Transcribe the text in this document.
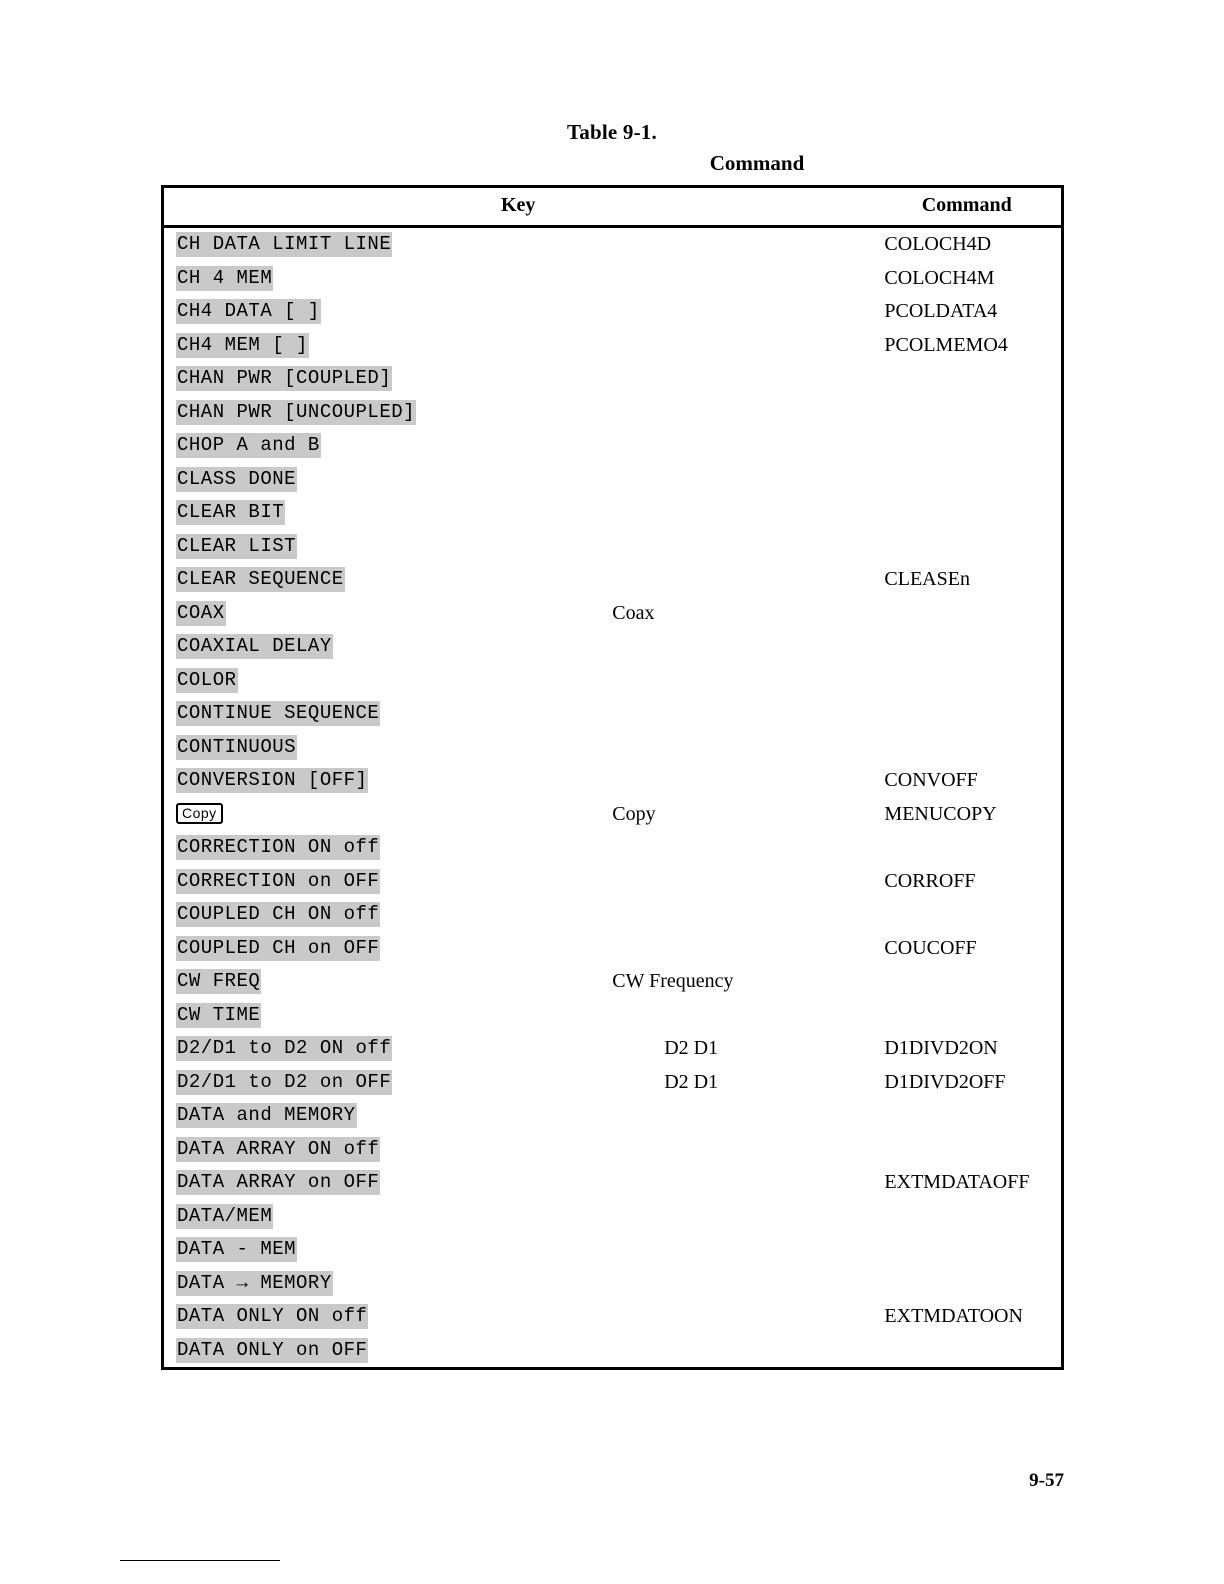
Table 9-1.
Command
Key		Command
CH DATA LIMIT LINE		COLOCH4D
CH 4 MEM		COLOCH4M
CH4 DATA [ ]		PCOLDATA4
CH4 MEM [ ]		PCOLMEMO4
CHAN PWR [COUPLED]		
CHAN PWR [UNCOUPLED]		
CHOP A and B		
CLASS DONE		
CLEAR BIT		
CLEAR LIST		
CLEAR SEQUENCE		CLEASEn
COAX	Coax	
COAXIAL DELAY		
COLOR		
CONTINUE SEQUENCE		
CONTINUOUS		
CONVERSION [OFF]		CONVOFF
Copy	Copy	MENUCOPY
CORRECTION ON off		
CORRECTION on OFF		CORROFF
COUPLED CH ON off		
COUPLED CH on OFF		COUCOFF
CW FREQ	CW Frequency	
CW TIME		
D2/D1 to D2 ON off	D2 D1	D1DIVD2ON
D2/D1 to D2 on OFF	D2 D1	D1DIVD2OFF
DATA and MEMORY		
DATA ARRAY ON off		
DATA ARRAY on OFF		EXTMDATAOFF
DATA/MEM		
DATA - MEM		
DATA → MEMORY		
DATA ONLY ON off		EXTMDATOON
DATA ONLY on OFF		
9-57
